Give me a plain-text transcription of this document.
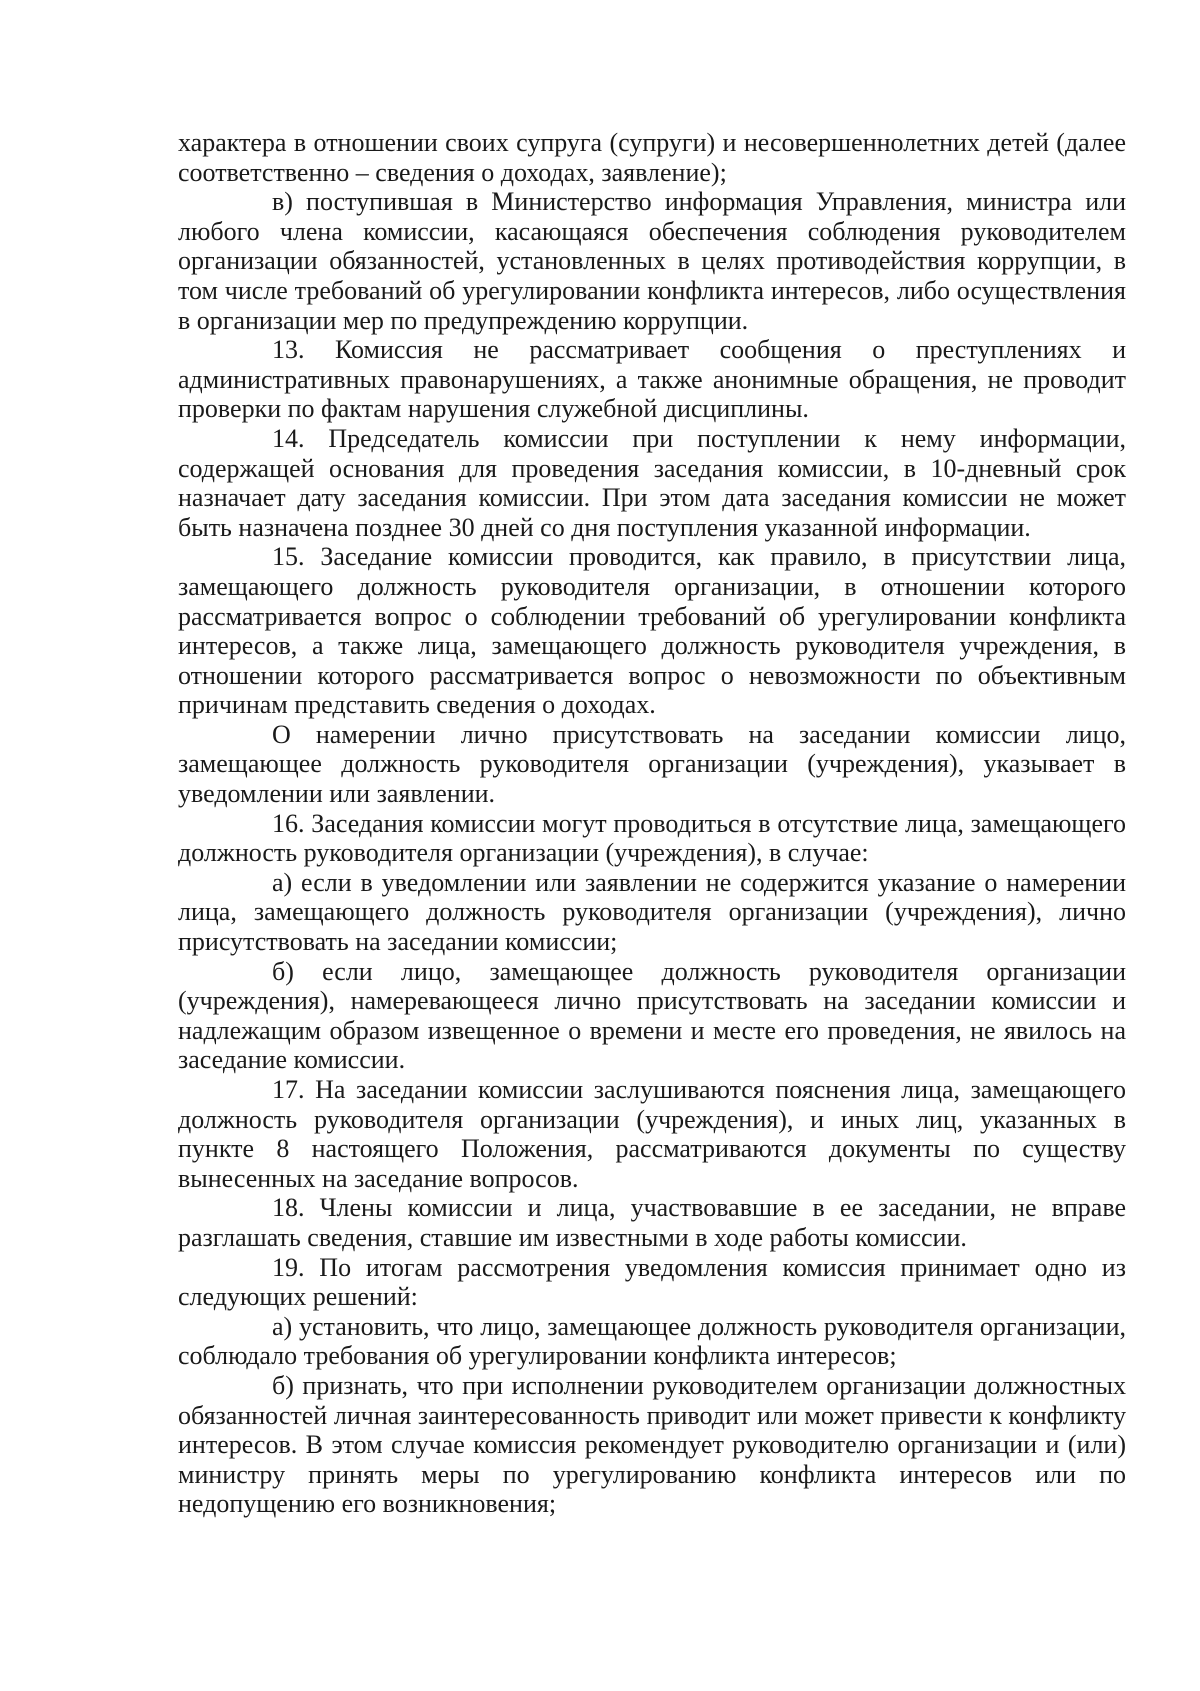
характера в отношении своих супруга (супруги) и несовершеннолетних детей (далее соответственно – сведения о доходах, заявление);

в) поступившая в Министерство информация Управления, министра или любого члена комиссии, касающаяся обеспечения соблюдения руководителем организации обязанностей, установленных в целях противодействия коррупции, в том числе требований об урегулировании конфликта интересов, либо осуществления в организации мер по предупреждению коррупции.

13. Комиссия не рассматривает сообщения о преступлениях и административных правонарушениях, а также анонимные обращения, не проводит проверки по фактам нарушения служебной дисциплины.

14. Председатель комиссии при поступлении к нему информации, содержащей основания для проведения заседания комиссии, в 10-дневный срок назначает дату заседания комиссии. При этом дата заседания комиссии не может быть назначена позднее 30 дней со дня поступления указанной информации.

15. Заседание комиссии проводится, как правило, в присутствии лица, замещающего должность руководителя организации, в отношении которого рассматривается вопрос о соблюдении требований об урегулировании конфликта интересов, а также лица, замещающего должность руководителя учреждения, в отношении которого рассматривается вопрос о невозможности по объективным причинам представить сведения о доходах.

О намерении лично присутствовать на заседании комиссии лицо, замещающее должность руководителя организации (учреждения), указывает в уведомлении или заявлении.

16. Заседания комиссии могут проводиться в отсутствие лица, замещающего должность руководителя организации (учреждения), в случае:

а) если в уведомлении или заявлении не содержится указание о намерении лица, замещающего должность руководителя организации (учреждения), лично присутствовать на заседании комиссии;

б) если лицо, замещающее должность руководителя организации (учреждения), намеревающееся лично присутствовать на заседании комиссии и надлежащим образом извещенное о времени и месте его проведения, не явилось на заседание комиссии.

17. На заседании комиссии заслушиваются пояснения лица, замещающего должность руководителя организации (учреждения), и иных лиц, указанных в пункте 8 настоящего Положения, рассматриваются документы по существу вынесенных на заседание вопросов.

18. Члены комиссии и лица, участвовавшие в ее заседании, не вправе разглашать сведения, ставшие им известными в ходе работы комиссии.

19. По итогам рассмотрения уведомления комиссия принимает одно из следующих решений:

а) установить, что лицо, замещающее должность руководителя организации, соблюдало требования об урегулировании конфликта интересов;

б) признать, что при исполнении руководителем организации должностных обязанностей личная заинтересованность приводит или может привести к конфликту интересов. В этом случае комиссия рекомендует руководителю организации и (или) министру принять меры по урегулированию конфликта интересов или по недопущению его возникновения;
